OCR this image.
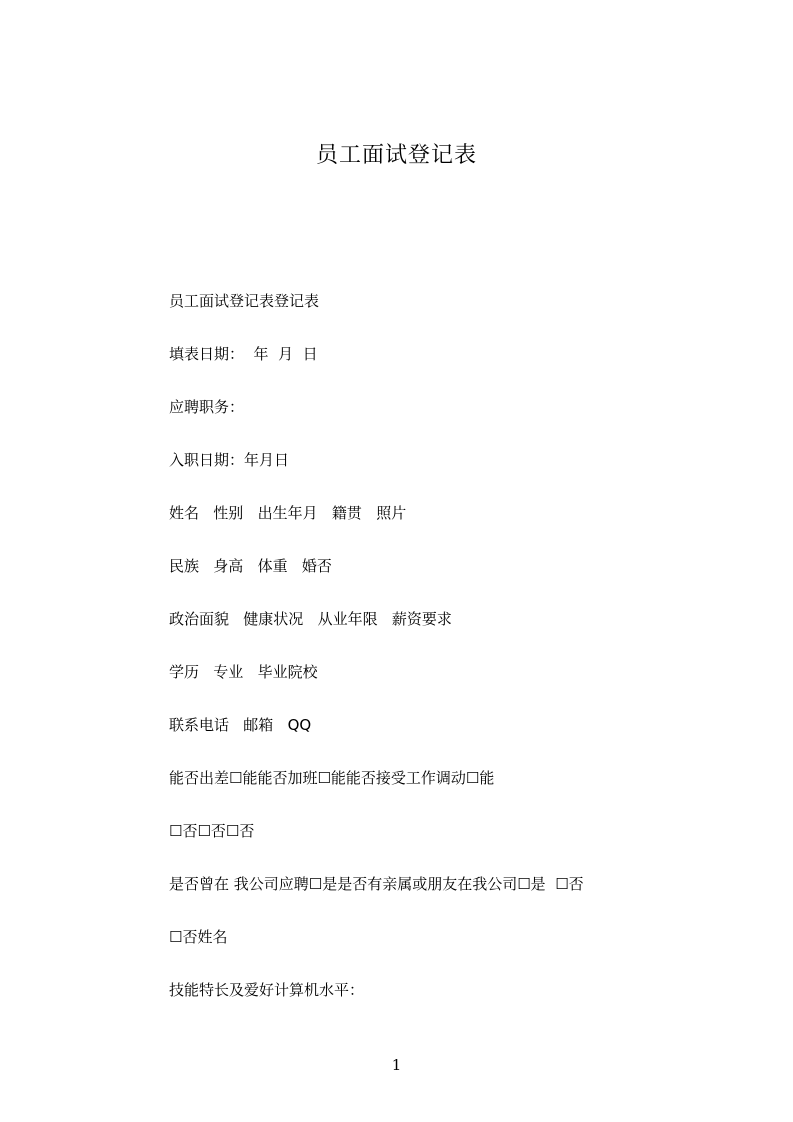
员工面试登记表
员工面试登记表登记表
填表日期：  年  月  日
应聘职务：
入职日期：年月日
姓名   性别   出生年月   籍贯   照片
民族   身高   体重   婚否
政治面貌   健康状况   从业年限   薪资要求
学历   专业   毕业院校
联系电话   邮箱   QQ
能否出差☐能能否加班☐能能否接受工作调动☐能
☐否☐否☐否
是否曾在 我公司应聘☐是是否有亲属或朋友在我公司☐是  ☐否
☐否姓名
技能特长及爱好计算机水平：
1
